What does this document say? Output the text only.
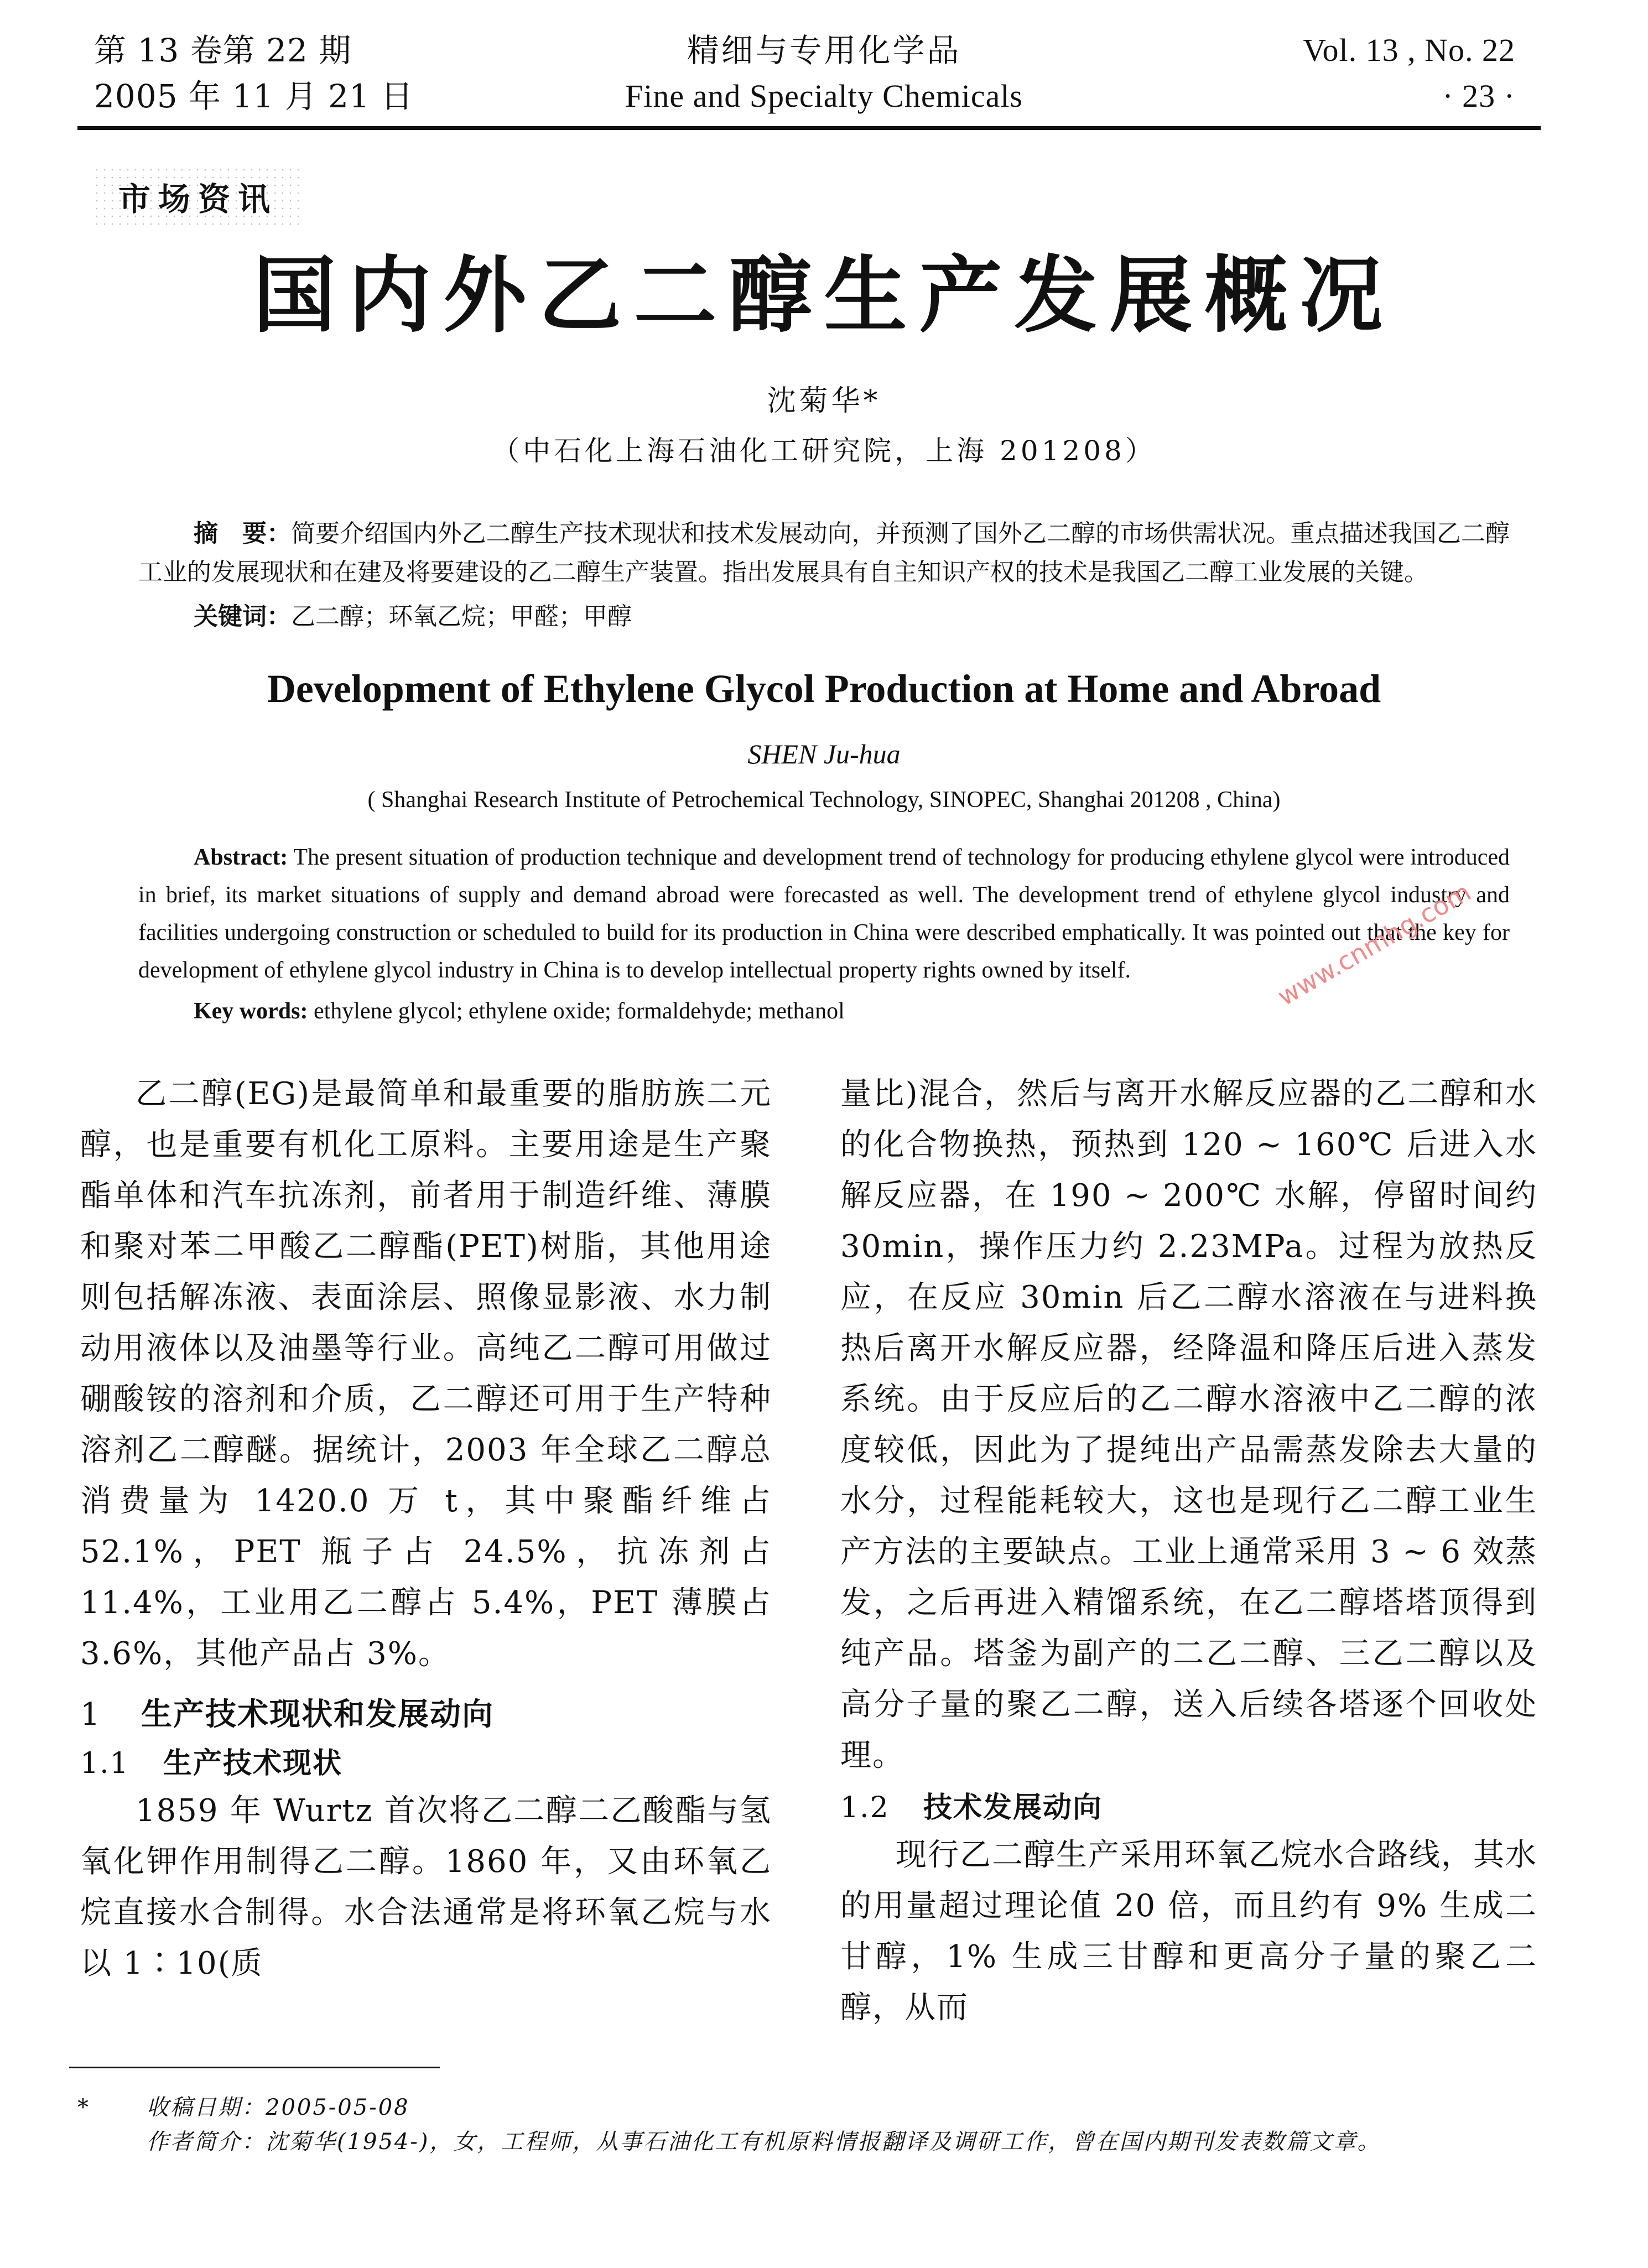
第 13 卷第 22 期
2005 年 11 月 21 日
精细与专用化学品
Fine and Specialty Chemicals
Vol. 13 , No. 22
· 23 ·
市场资讯
国内外乙二醇生产发展概况
沈菊华*
（中石化上海石油化工研究院，上海 201208）
摘　要：简要介绍国内外乙二醇生产技术现状和技术发展动向，并预测了国外乙二醇的市场供需状况。重点描述我国乙二醇工业的发展现状和在建及将要建设的乙二醇生产装置。指出发展具有自主知识产权的技术是我国乙二醇工业发展的关键。
关键词：乙二醇；环氧乙烷；甲醛；甲醇
Development of Ethylene Glycol Production at Home and Abroad
SHEN Ju-hua
( Shanghai Research Institute of Petrochemical Technology, SINOPEC, Shanghai 201208 , China)
Abstract: The present situation of production technique and development trend of technology for producing ethylene glycol were introduced in brief, its market situations of supply and demand abroad were forecasted as well. The development trend of ethylene glycol industry and facilities undergoing construction or scheduled to build for its production in China were described emphatically. It was pointed out that the key for development of ethylene glycol industry in China is to develop intellectual property rights owned by itself.
Key words: ethylene glycol; ethylene oxide; formaldehyde; methanol	www.cnmhg.com

乙二醇(EG)是最简单和最重要的脂肪族二元醇，也是重要有机化工原料。主要用途是生产聚酯单体和汽车抗冻剂，前者用于制造纤维、薄膜和聚对苯二甲酸乙二醇酯(PET)树脂，其他用途则包括解冻液、表面涂层、照像显影液、水力制动用液体以及油墨等行业。高纯乙二醇可用做过硼酸铵的溶剂和介质，乙二醇还可用于生产特种溶剂乙二醇醚。据统计，2003 年全球乙二醇总消费量为 1420.0 万 t，其中聚酯纤维占 52.1%，PET 瓶子占 24.5%，抗冻剂占 11.4%，工业用乙二醇占 5.4%，PET 薄膜占 3.6%，其他产品占 3%。

1 生产技术现状和发展动向
1.1 生产技术现状

1859 年 Wurtz 首次将乙二醇二乙酸酯与氢氧化钾作用制得乙二醇。1860 年，又由环氧乙烷直接水合制得。水合法通常是将环氧乙烷与水以 1∶10(质

量比)混合，然后与离开水解反应器的乙二醇和水的化合物换热，预热到 120 ~ 160℃ 后进入水解反应器，在 190 ~ 200℃ 水解，停留时间约 30min，操作压力约 2.23MPa。过程为放热反应，在反应 30min 后乙二醇水溶液在与进料换热后离开水解反应器，经降温和降压后进入蒸发系统。由于反应后的乙二醇水溶液中乙二醇的浓度较低，因此为了提纯出产品需蒸发除去大量的水分，过程能耗较大，这也是现行乙二醇工业生产方法的主要缺点。工业上通常采用 3 ~ 6 效蒸发，之后再进入精馏系统，在乙二醇塔塔顶得到纯产品。塔釜为副产的二乙二醇、三乙二醇以及高分子量的聚乙二醇，送入后续各塔逐个回收处理。

1.2 技术发展动向

现行乙二醇生产采用环氧乙烷水合路线，其水的用量超过理论值 20 倍，而且约有 9% 生成二甘醇，1% 生成三甘醇和更高分子量的聚乙二醇，从而

*	收稿日期：2005-05-08
作者简介：沈菊华(1954-)，女，工程师，从事石油化工有机原料情报翻译及调研工作，曾在国内期刊发表数篇文章。
